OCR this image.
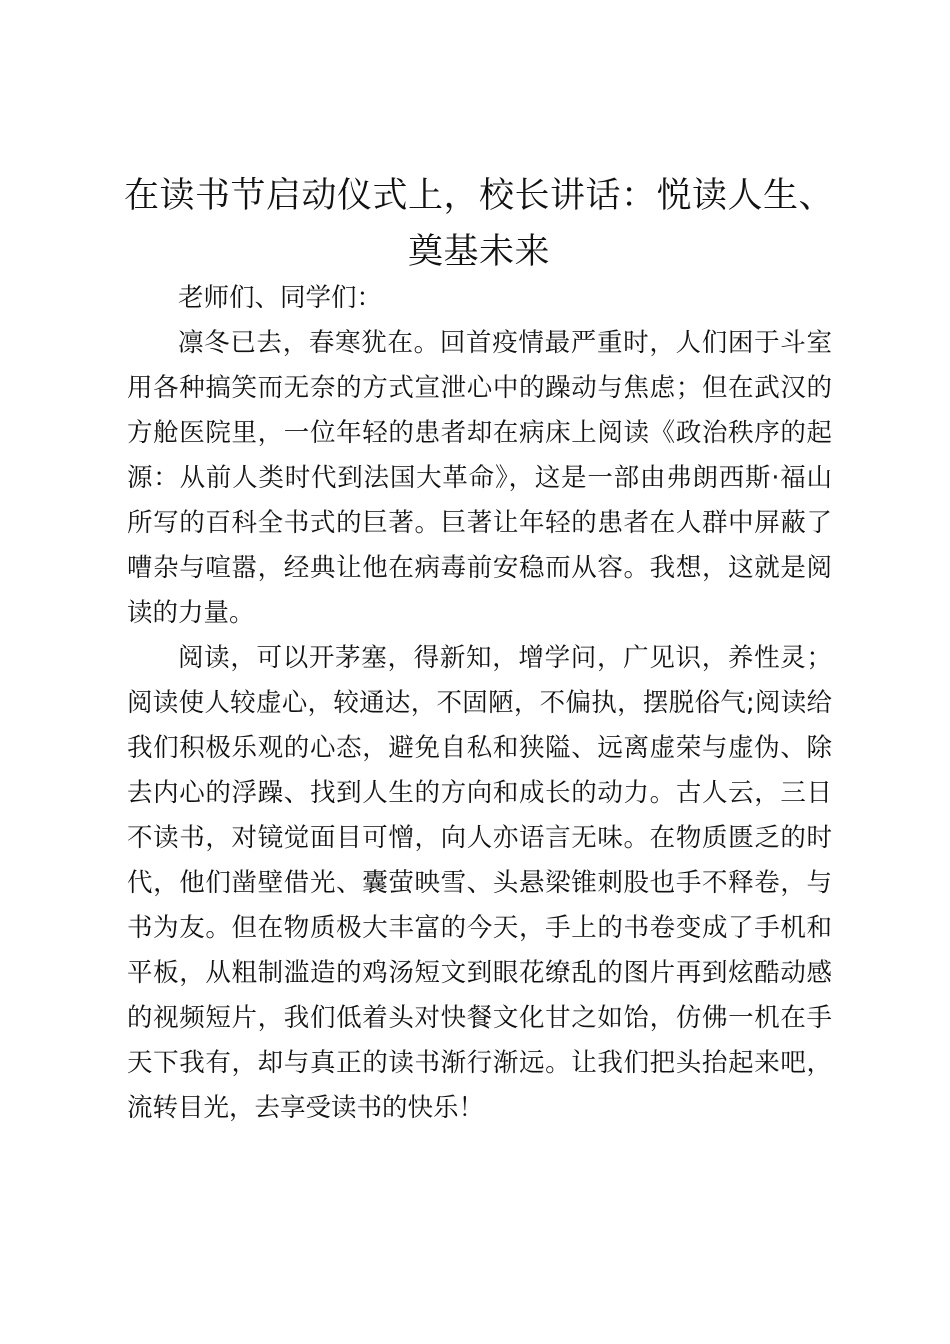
在读书节启动仪式上，校长讲话：悦读人生、奠基未来

老师们、同学们：

凛冬已去，春寒犹在。回首疫情最严重时，人们困于斗室用各种搞笑而无奈的方式宣泄心中的躁动与焦虑；但在武汉的方舱医院里，一位年轻的患者却在病床上阅读《政治秩序的起源：从前人类时代到法国大革命》，这是一部由弗朗西斯·福山所写的百科全书式的巨著。巨著让年轻的患者在人群中屏蔽了嘈杂与喧嚣，经典让他在病毒前安稳而从容。我想，这就是阅读的力量。

阅读，可以开茅塞，得新知，增学问，广见识，养性灵；阅读使人较虚心，较通达，不固陋，不偏执，摆脱俗气;阅读给我们积极乐观的心态，避免自私和狭隘、远离虚荣与虚伪、除去内心的浮躁、找到人生的方向和成长的动力。古人云，三日不读书，对镜觉面目可憎，向人亦语言无味。在物质匮乏的时代，他们凿壁借光、囊萤映雪、头悬梁锥刺股也手不释卷，与书为友。但在物质极大丰富的今天，手上的书卷变成了手机和平板，从粗制滥造的鸡汤短文到眼花缭乱的图片再到炫酷动感的视频短片，我们低着头对快餐文化甘之如饴，仿佛一机在手天下我有，却与真正的读书渐行渐远。让我们把头抬起来吧，流转目光，去享受读书的快乐！
